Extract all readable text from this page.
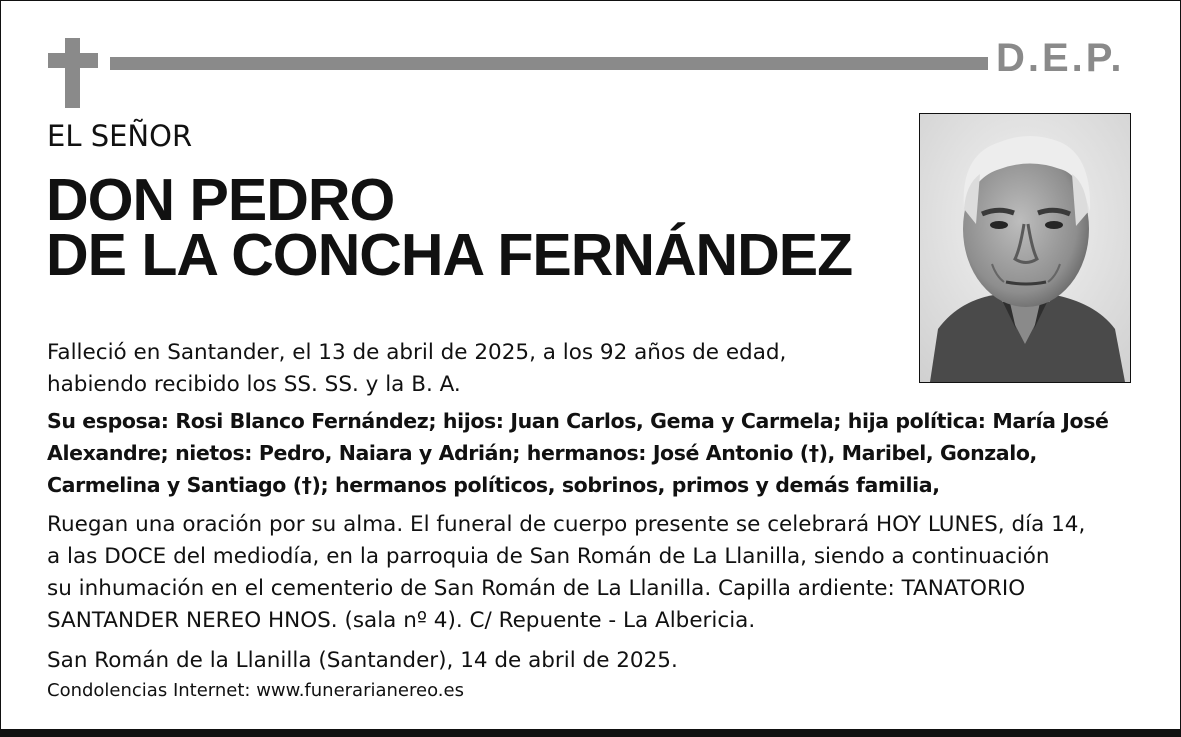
D.E.P.
EL SEÑOR
DON PEDRO
DE LA CONCHA FERNÁNDEZ
Falleció en Santander, el 13 de abril de 2025, a los 92 años de edad,
habiendo recibido los SS. SS. y la B. A.
Su esposa: Rosi Blanco Fernández; hijos: Juan Carlos, Gema y Carmela; hija política: María José
Alexandre; nietos: Pedro, Naiara y Adrián; hermanos: José Antonio (†), Maribel, Gonzalo,
Carmelina y Santiago (†); hermanos políticos, sobrinos, primos y demás familia,
Ruegan una oración por su alma. El funeral de cuerpo presente se celebrará HOY LUNES, día 14,
a las DOCE del mediodía, en la parroquia de San Román de La Llanilla, siendo a continuación
su inhumación en el cementerio de San Román de La Llanilla. Capilla ardiente: TANATORIO
SANTANDER NEREO HNOS. (sala nº 4). C/ Repuente - La Albericia.
San Román de la Llanilla (Santander), 14 de abril de 2025.
Condolencias Internet: www.funerarianereo.es
